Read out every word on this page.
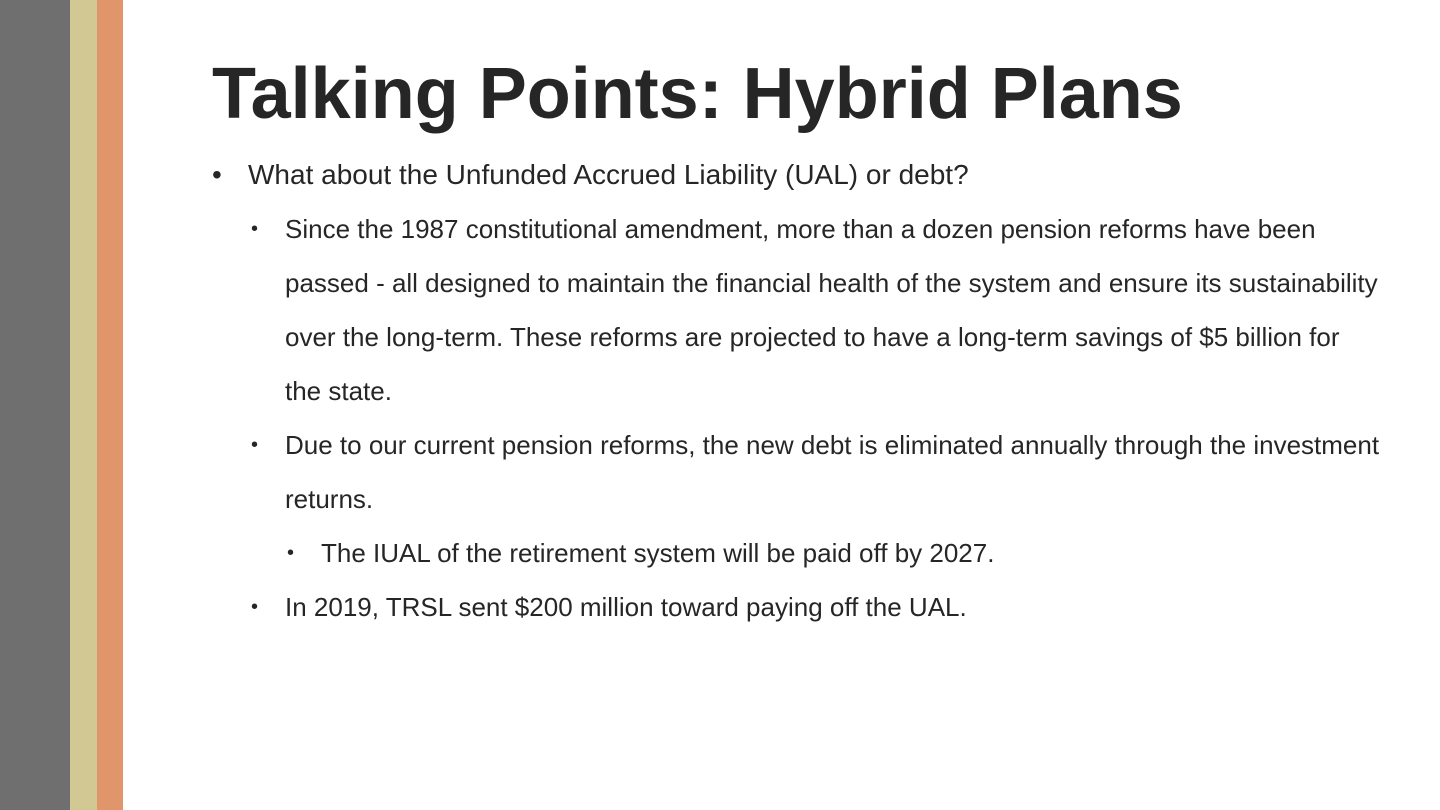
Talking Points: Hybrid Plans
• What about the Unfunded Accrued Liability (UAL) or debt?
• Since the 1987 constitutional amendment, more than a dozen pension reforms have been passed - all designed to maintain the financial health of the system and ensure its sustainability over the long-term. These reforms are projected to have a long-term savings of $5 billion for the state.
• Due to our current pension reforms, the new debt is eliminated annually through the investment returns.
• The IUAL of the retirement system will be paid off by 2027.
• In 2019, TRSL sent $200 million toward paying off the UAL.
